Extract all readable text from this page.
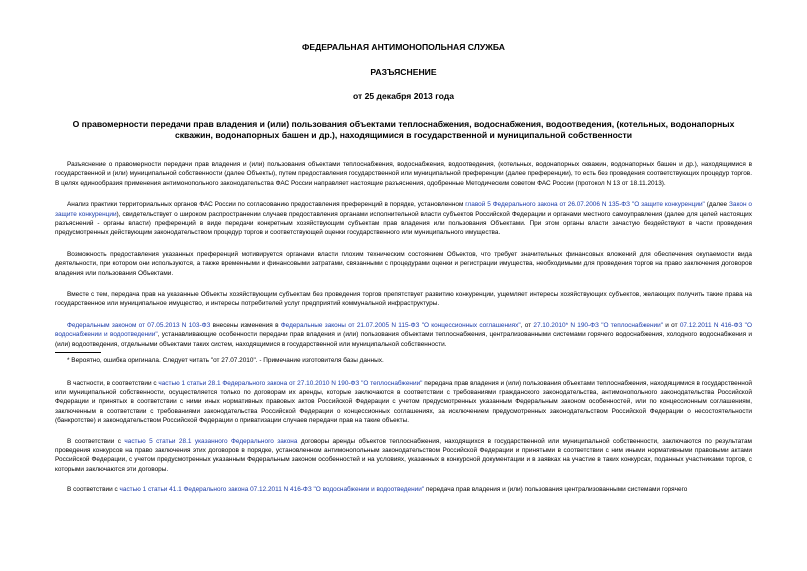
ФЕДЕРАЛЬНАЯ АНТИМОНОПОЛЬНАЯ СЛУЖБА
РАЗЪЯСНЕНИЕ
от 25 декабря 2013 года
О правомерности передачи прав владения и (или) пользования объектами теплоснабжения, водоснабжения, водоотведения, (котельных, водонапорных скважин, водонапорных башен и др.), находящимися в государственной и муниципальной собственности

Разъяснение о правомерности передачи прав владения и (или) пользования объектами теплоснабжения, водоснабжения, водоотведения, (котельных, водонапорных скважин, водонапорных башен и др.), находящимися в государственной и (или) муниципальной собственности (далее Объекты), путем предоставления государственной или муниципальной преференции (далее преференции), то есть без проведения соответствующих процедур торгов. В целях единообразия применения антимонопольного законодательства ФАС России направляет настоящие разъяснения, одобренные Методическим советом ФАС России (протокол N 13 от 18.11.2013).

Анализ практики территориальных органов ФАС России по согласованию предоставления преференций в порядке, установленном главой 5 Федерального закона от 26.07.2006 N 135-ФЗ "О защите конкуренции" (далее Закон о защите конкуренции), свидетельствует о широком распространении случаев предоставления органами исполнительной власти субъектов Российской Федерации и органами местного самоуправления (далее для целей настоящих разъяснений - органы власти) преференций в виде передачи конкретным хозяйствующим субъектам прав владения или пользования Объектами. При этом органы власти зачастую бездействуют в части проведения предусмотренных действующим законодательством процедур торгов и соответствующей оценки государственного или муниципального имущества.

Возможность предоставления указанных преференций мотивируется органами власти плохим техническим состоянием Объектов, что требует значительных финансовых вложений для обеспечения окупаемости вида деятельности, при котором они используются, а также временными и финансовыми затратами, связанными с процедурами оценки и регистрации имущества, необходимыми для проведения торгов на право заключения договоров владения или пользования Объектами.

Вместе с тем, передача прав на указанные Объекты хозяйствующим субъектам без проведения торгов препятствует развитию конкуренции, ущемляет интересы хозяйствующих субъектов, желающих получить такие права на государственное или муниципальное имущество, и интересы потребителей услуг предприятий коммунальной инфраструктуры.

Федеральным законом от 07.05.2013 N 103-ФЗ внесены изменения в Федеральные законы от 21.07.2005 N 115-ФЗ "О концессионных соглашениях", от 27.10.2010* N 190-ФЗ "О теплоснабжении" и от 07.12.2011 N 416-ФЗ "О водоснабжении и водоотведении", устанавливающие особенности передачи прав владения и (или) пользования объектами теплоснабжения, централизованными системами горячего водоснабжения, холодного водоснабжения и (или) водоотведения, отдельными объектами таких систем, находящимися в государственной или муниципальной собственности.

* Вероятно, ошибка оригинала. Следует читать "от 27.07.2010". - Примечание изготовителя базы данных.

В частности, в соответствии с частью 1 статьи 28.1 Федерального закона от 27.10.2010 N 190-ФЗ "О теплоснабжении" передача прав владения и (или) пользования объектами теплоснабжения, находящимися в государственной или муниципальной собственности, осуществляется только по договорам их аренды, которые заключаются в соответствии с требованиями гражданского законодательства, антимонопольного законодательства Российской Федерации и принятых в соответствии с ними иных нормативных правовых актов Российской Федерации с учетом предусмотренных указанным Федеральным законом особенностей, или по концессионным соглашениям, заключенным в соответствии с требованиями законодательства Российской Федерации о концессионных соглашениях, за исключением предусмотренных законодательством Российской Федерации о несостоятельности (банкротстве) и законодательством Российской Федерации о приватизации случаев передачи прав на такие объекты.

В соответствии с частью 5 статьи 28.1 указанного Федерального закона договоры аренды объектов теплоснабжения, находящихся в государственной или муниципальной собственности, заключаются по результатам проведения конкурсов на право заключения этих договоров в порядке, установленном антимонопольным законодательством Российской Федерации и принятыми в соответствии с ним иными нормативными правовыми актами Российской Федерации, с учетом предусмотренных указанным Федеральным законом особенностей и на условиях, указанных в конкурсной документации и в заявках на участие в таких конкурсах, поданных участниками торгов, с которыми заключаются эти договоры.

В соответствии с частью 1 статьи 41.1 Федерального закона 07.12.2011 N 416-ФЗ "О водоснабжении и водоотведении" передача прав владения и (или) пользования централизованными системами горячего
